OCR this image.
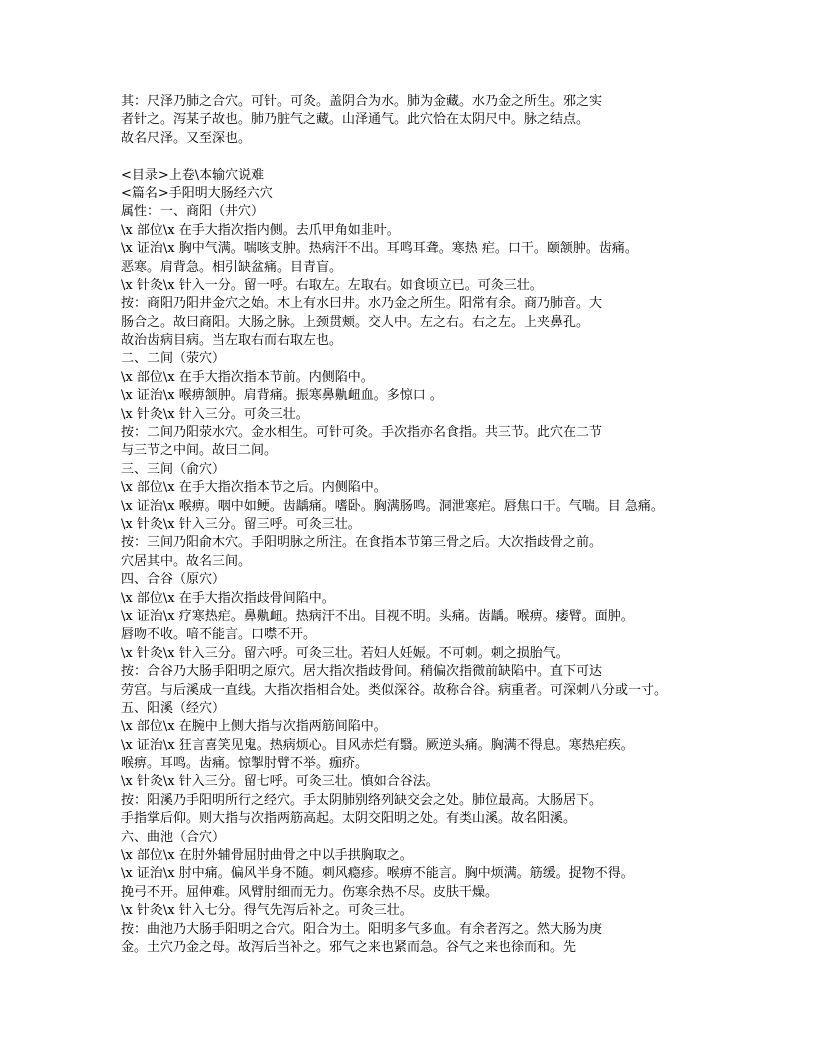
其：尺泽乃肺之合穴。可针。可灸。盖阴合为水。肺为金藏。水乃金之所生。邪之实
者针之。泻某子故也。肺乃脏气之藏。山泽通气。此穴恰在太阴尺中。脉之结点。
故名尺泽。又至深也。
<目录>上卷\本输穴说难
<篇名>手阳明大肠经六穴
属性：一、商阳（井穴）
\x 部位\x 在手大指次指内侧。去爪甲角如韭叶。
\x 证治\x 胸中气满。喘咳支肿。热病汗不出。耳鸣耳聋。寒热 疟。口干。颐颔肿。齿痛。
恶寒。肩背急。相引缺盆痛。目青盲。
\x 针灸\x 针入一分。留一呼。右取左。左取右。如食顷立已。可灸三壮。
按：商阳乃阳井金穴之始。木上有水曰井。水乃金之所生。阳常有余。商乃肺音。大
肠合之。故曰商阳。大肠之脉。上颈贯颊。交人中。左之右。右之左。上夹鼻孔。
故治齿病目病。当左取右而右取左也。
二、二间（荥穴）
\x 部位\x 在手大指次指本节前。内侧陷中。
\x 证治\x 喉痹颔肿。肩背痛。振寒鼻鼽衄血。多惊口 。
\x 针灸\x 针入三分。可灸三壮。
按：二间乃阳荥水穴。金水相生。可针可灸。手次指亦名食指。共三节。此穴在二节
与三节之中间。故曰二间。
三、三间（俞穴）
\x 部位\x 在手大指次指本节之后。内侧陷中。
\x 证治\x 喉痹。咽中如鲠。齿龋痛。嗜卧。胸满肠鸣。洞泄寒疟。唇焦口干。气喘。目 急痛。
\x 针灸\x 针入三分。留三呼。可灸三壮。
按：三间乃阳俞木穴。手阳明脉之所注。在食指本节第三骨之后。大次指歧骨之前。
穴居其中。故名三间。
四、合谷（原穴）
\x 部位\x 在手大指次指歧骨间陷中。
\x 证治\x 疗寒热疟。鼻鼽衄。热病汗不出。目视不明。头痛。齿龋。喉痹。痿臂。面肿。
唇吻不收。喑不能言。口噤不开。
\x 针灸\x 针入三分。留六呼。可灸三壮。若妇人妊娠。不可刺。刺之损胎气。
按：合谷乃大肠手阳明之原穴。居大指次指歧骨间。稍偏次指微前缺陷中。直下可达
劳宫。与后溪成一直线。大指次指相合处。类似深谷。故称合谷。病重者。可深刺八分或一寸。
五、阳溪（经穴）
\x 部位\x 在腕中上侧大指与次指两筋间陷中。
\x 证治\x 狂言喜笑见鬼。热病烦心。目风赤烂有翳。厥逆头痛。胸满不得息。寒热疟疾。
喉痹。耳鸣。齿痛。惊掣肘臂不举。痂疥。
\x 针灸\x 针入三分。留七呼。可灸三壮。慎如合谷法。
按：阳溪乃手阳明所行之经穴。手太阴肺别络列缺交会之处。肺位最高。大肠居下。
手指掌后仰。则大指与次指两筋高起。太阴交阳明之处。有类山溪。故名阳溪。
六、曲池（合穴）
\x 部位\x 在肘外辅骨屈肘曲骨之中以手拱胸取之。
\x 证治\x 肘中痛。偏风半身不随。刺风瘾疹。喉痹不能言。胸中烦满。筋缓。捉物不得。
挽弓不开。屈伸难。风臂肘细而无力。伤寒余热不尽。皮肤干燥。
\x 针灸\x 针入七分。得气先泻后补之。可灸三壮。
按：曲池乃大肠手阳明之合穴。阳合为土。阳明多气多血。有余者泻之。然大肠为庚
金。土穴乃金之母。故泻后当补之。邪气之来也紧而急。谷气之来也徐而和。先
